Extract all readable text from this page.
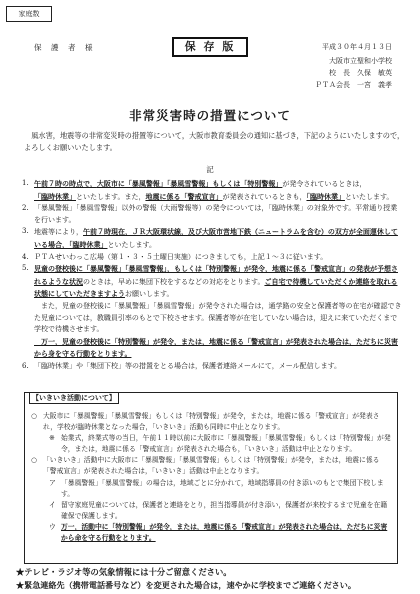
家庭数
保　護　者　様	保 存 版	平成３０年４月１３日
大阪市立聖和小学校
校　長　久保　敏英
ＰＴＡ会長　一宮　義孝
非常災害時の措置について
　風水害，地震等の非常変災時の措置等について，大阪市教育委員会の通知に基づき，下記のようにいたしますので，よろしくお願いいたします。
記
1. 午前７時の時点で，大阪市に「暴風警報」「暴風雪警報」もしくは「特別警報」が発令されているときは，「臨時休業」といたします。また，地震に係る「警戒宣言」が発表されているときも，「臨時休業」といたします。
2. 「暴風警報」「暴風雪警報」以外の警報（大雨警報等）の発令については，「臨時休業」の対象外です。平常通り授業を行います。
3. 地震等により，午前７時現在，ＪＲ大阪環状線，及び大阪市営地下鉄（ニュートラムを含む）の双方が全面運休している場合，「臨時休業」といたします。
4. ＰＴＡせいわっこ広場（第１・３・５土曜日実施）につきましても，上記１〜３に従います。
5. 児童の登校後に「暴風警報」「暴風雪警報」，もしくは「特別警報」が発令，地震に係る「警戒宣言」の発表が予想されるような状況のときは，早めに集団下校をするなどの対応をとります。ご自宅で待機していただくか連絡を取れる状態にしていただきますようお願いします。
　また，児童の登校後に「暴風警報」「暴風雪警報」が発令された場合は，通学路の安全と保護者等の在宅が確認できた児童については，教職員引率のもとで下校させます。保護者等が在宅していない場合は，迎えに来ていただくまで学校で待機させます。
　万一，児童の登校後に「特別警報」が発令，または，地震に係る「警戒宣言」が発表された場合は，ただちに災害から身を守る行動をとります。
6. 「臨時休業」や「集団下校」等の措置をとる場合は，保護者連絡メールにて，メール配信します。
【いきいき活動について】
○ 大阪市に「暴風警報」「暴風雪警報」もしくは「特別警報」が発令，または，地震に係る「警戒宣言」が発表され，学校が臨時休業となった場合，「いきいき」活動も同時に中止となります。
※ 始業式，終業式等の当日，午前１１時以前に大阪市に「暴風警報」「暴風雪警報」もしくは「特別警報」が発令，または，地震に係る「警戒宣言」が発表された場合も，「いきいき」活動は中止となります。
○ 「いきいき」活動中に大阪市に「暴風警報」「暴風雪警報」もしくは「特別警報」が発令，または，地震に係る「警戒宣言」が発表された場合は，「いきいき」活動は中止となります。
ア 「暴風警報」「暴風雪警報」の場合は，地域ごとに分かれて，地域指導員の付き添いのもとで集団下校します。
イ 留守家庭児童については，保護者と連絡をとり，担当指導員が付き添い，保護者が来校するまで児童を在籍確保で保護します。
ウ 万一，活動中に「特別警報」が発令，または，地震に係る「警戒宣言」が発表された場合は，ただちに災害から命を守る行動をとります。
★テレビ・ラジオ等の気象情報には十分ご留意ください。
★緊急連絡先（携帯電話番号など）を変更された場合は，速やかに学校までご連絡ください。
